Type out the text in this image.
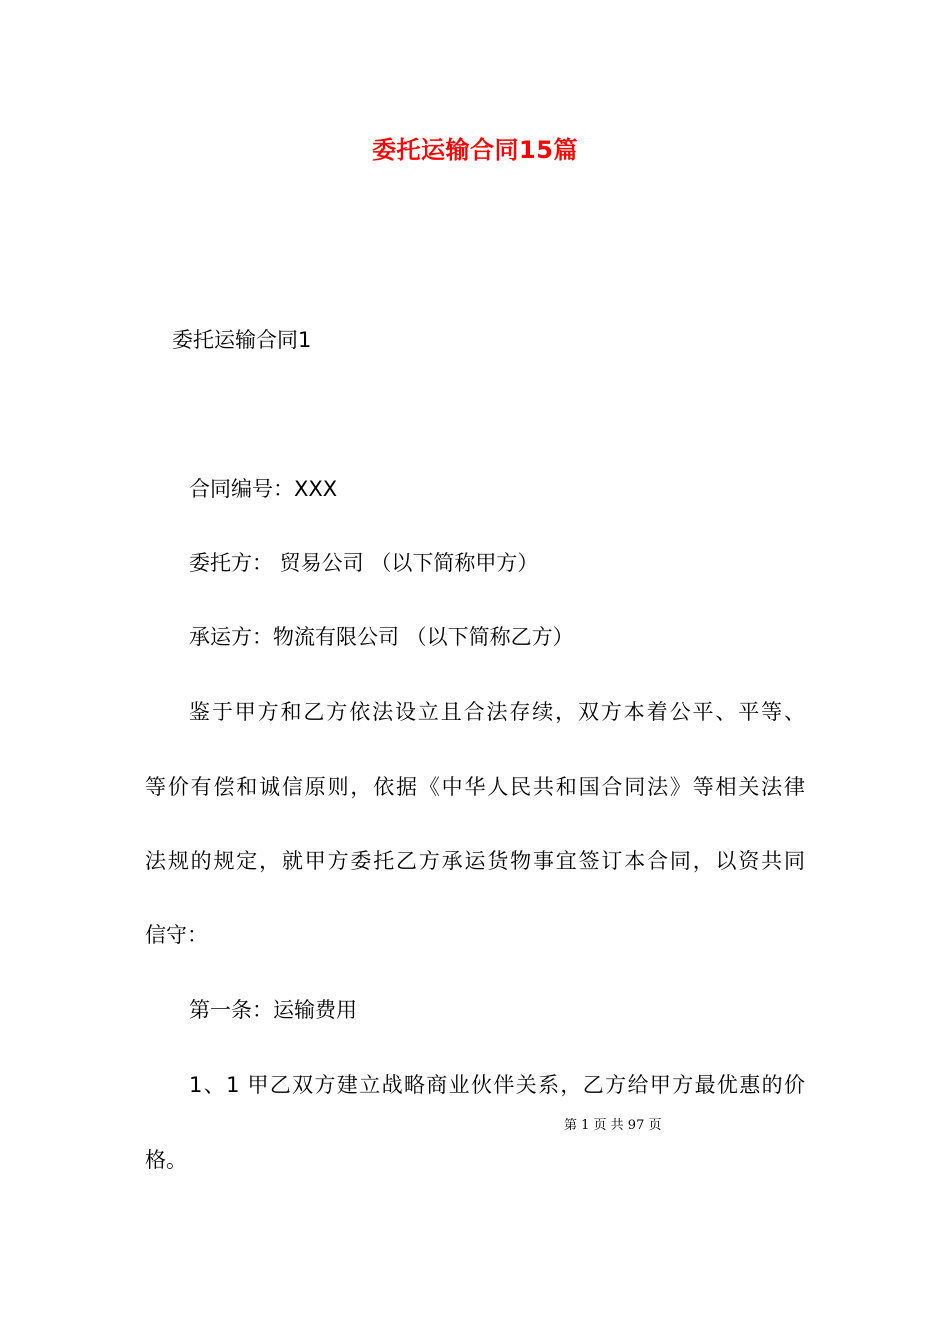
委托运输合同15篇
委托运输合同1
合同编号：XXX
委托方： 贸易公司 （以下简称甲方）
承运方：物流有限公司 （以下简称乙方）
鉴于甲方和乙方依法设立且合法存续，双方本着公平、平等、
等价有偿和诚信原则，依据《中华人民共和国合同法》等相关法律
法规的规定，就甲方委托乙方承运货物事宜签订本合同，以资共同
信守：
第一条：运输费用
1、1 甲乙双方建立战略商业伙伴关系，乙方给甲方最优惠的价
第 1 页 共 97 页
格。
